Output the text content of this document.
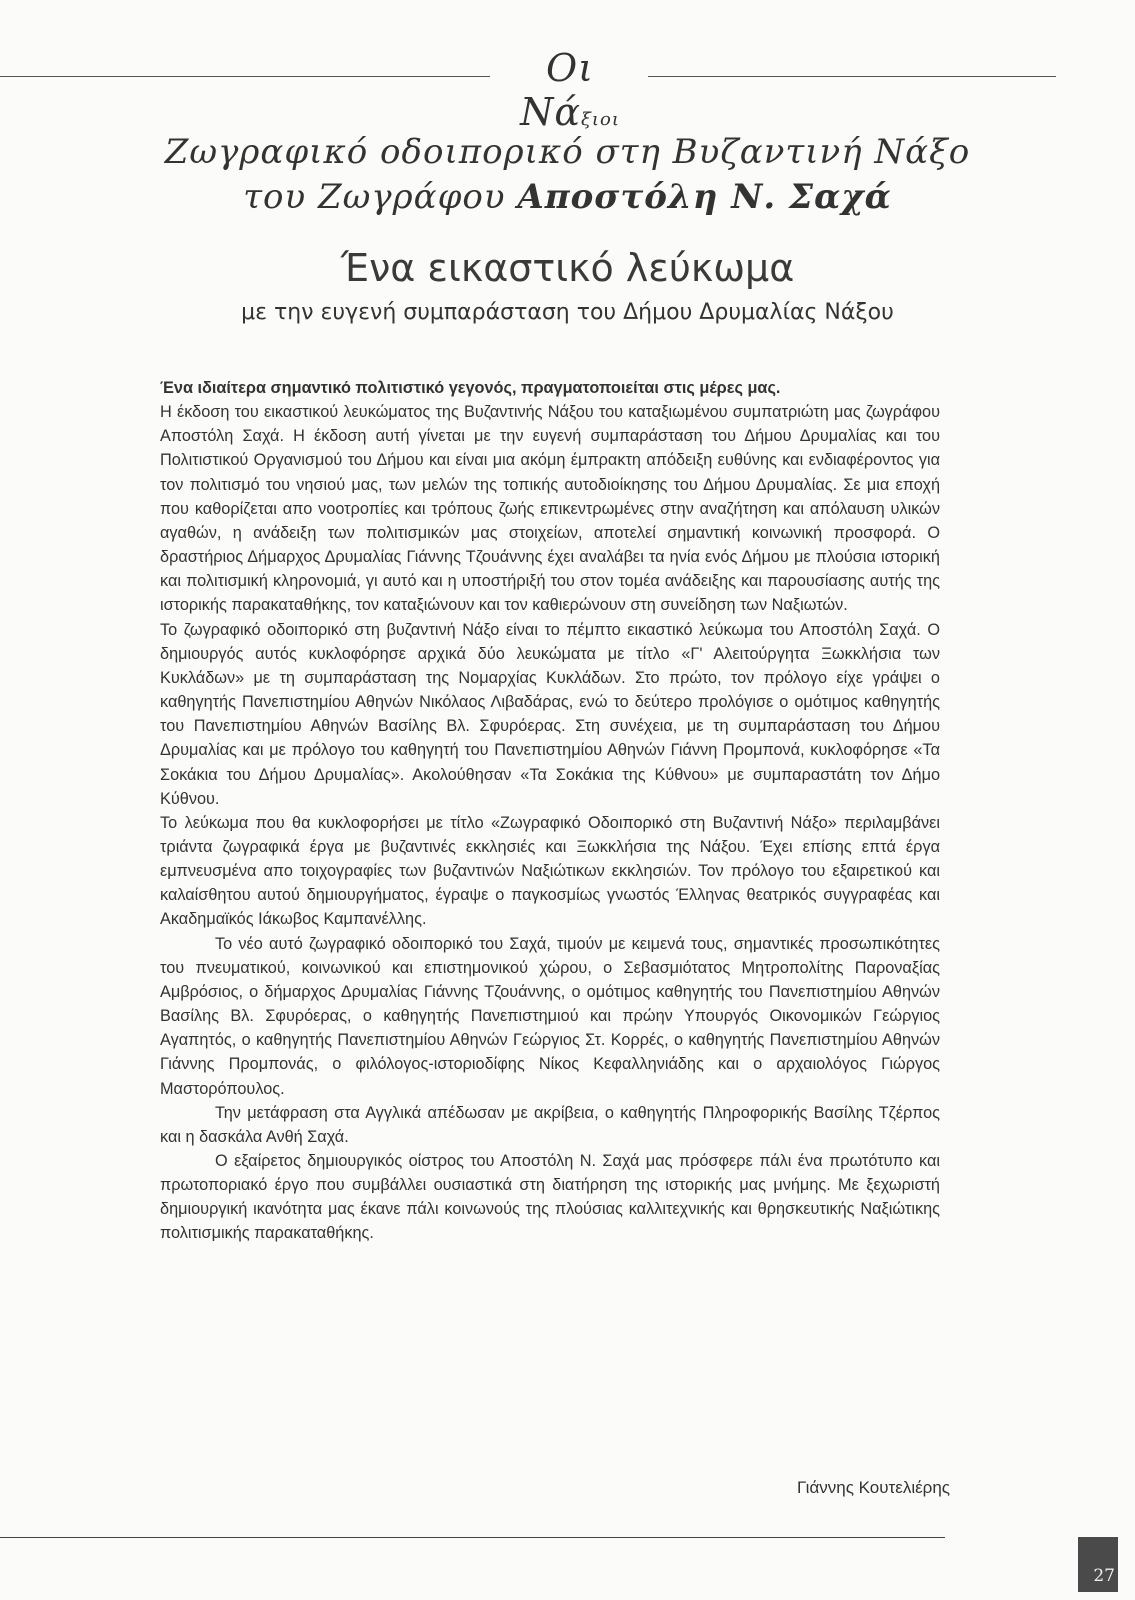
Οι Νάξιοι
Ζωγραφικό οδοιπορικό στη Βυζαντινή Νάξο
του Ζωγράφου Αποστόλη Ν. Σαχά
Ένα εικαστικό λεύκωμα
με την ευγενή συμπαράσταση του Δήμου Δρυμαλίας Νάξου

Ένα ιδιαίτερα σημαντικό πολιτιστικό γεγονός, πραγματοποιείται στις μέρες μας.

Η έκδοση του εικαστικού λευκώματος της Βυζαντινής Νάξου του καταξιωμένου συμπατριώτη μας ζωγράφου Αποστόλη Σαχά. Η έκδοση αυτή γίνεται με την ευγενή συμπαράσταση του Δήμου Δρυμαλίας και του Πολιτιστικού Οργανισμού του Δήμου και είναι μια ακόμη έμπρακτη απόδειξη ευθύνης και ενδιαφέροντος για τον πολιτισμό του νησιού μας, των μελών της τοπικής αυτοδιοίκησης του Δήμου Δρυμαλίας. Σε μια εποχή που καθορίζεται απο νοοτροπίες και τρόπους ζωής επικεντρωμένες στην αναζήτηση και απόλαυση υλικών αγαθών, η ανάδειξη των πολιτισμικών μας στοιχείων, αποτελεί σημαντική κοινωνική προσφορά. Ο δραστήριος Δήμαρχος Δρυμαλίας Γιάννης Τζουάννης έχει αναλάβει τα ηνία ενός Δήμου με πλούσια ιστορική και πολιτισμική κληρονομιά, γι αυτό και η υποστήριξή του στον τομέα ανάδειξης και παρουσίασης αυτής της ιστορικής παρακαταθήκης, τον καταξιώνουν και τον καθιερώνουν στη συνείδηση των Ναξιωτών.

Το ζωγραφικό οδοιπορικό στη βυζαντινή Νάξο είναι το πέμπτο εικαστικό λεύκωμα του Αποστόλη Σαχά. Ο δημιουργός αυτός κυκλοφόρησε αρχικά δύο λευκώματα με τίτλο «Γ' Αλειτούργητα Ξωκκλήσια των Κυκλάδων» με τη συμπαράσταση της Νομαρχίας Κυκλάδων. Στο πρώτο, τον πρόλογο είχε γράψει ο καθηγητής Πανεπιστημίου Αθηνών Νικόλαος Λιβαδάρας, ενώ το δεύτερο προλόγισε ο ομότιμος καθηγητής του Πανεπιστημίου Αθηνών Βασίλης Βλ. Σφυρόερας. Στη συνέχεια, με τη συμπαράσταση του Δήμου Δρυμαλίας και με πρόλογο του καθηγητή του Πανεπιστημίου Αθηνών Γιάννη Προμπονά, κυκλοφόρησε «Τα Σοκάκια του Δήμου Δρυμαλίας». Ακολούθησαν «Τα Σοκάκια της Κύθνου» με συμπαραστάτη τον Δήμο Κύθνου.

Το λεύκωμα που θα κυκλοφορήσει με τίτλο «Ζωγραφικό Οδοιπορικό στη Βυζαντινή Νάξο» περιλαμβάνει τριάντα ζωγραφικά έργα με βυζαντινές εκκλησιές και Ξωκκλήσια της Νάξου. Έχει επίσης επτά έργα εμπνευσμένα απο τοιχογραφίες των βυζαντινών Ναξιώτικων εκκλησιών. Τον πρόλογο του εξαιρετικού και καλαίσθητου αυτού δημιουργήματος, έγραψε ο παγκοσμίως γνωστός Έλληνας θεατρικός συγγραφέας και Ακαδημαϊκός Ιάκωβος Καμπανέλλης.

Το νέο αυτό ζωγραφικό οδοιπορικό του Σαχά, τιμούν με κειμενά τους, σημαντικές προσωπικότητες του πνευματικού, κοινωνικού και επιστημονικού χώρου, ο Σεβασμιότατος Μητροπολίτης Παροναξίας Αμβρόσιος, ο δήμαρχος Δρυμαλίας Γιάννης Τζουάννης, ο ομότιμος καθηγητής του Πανεπιστημίου Αθηνών Βασίλης Βλ. Σφυρόερας, ο καθηγητής Πανεπιστημιού και πρώην Υπουργός Οικονομικών Γεώργιος Αγαπητός, ο καθηγητής Πανεπιστημίου Αθηνών Γεώργιος Στ. Κορρές, ο καθηγητής Πανεπιστημίου Αθηνών Γιάννης Προμπονάς, ο φιλόλογος-ιστοριοδίφης Νίκος Κεφαλληνιάδης και ο αρχαιολόγος Γιώργος Μαστορόπουλος.

Την μετάφραση στα Αγγλικά απέδωσαν με ακρίβεια, ο καθηγητής Πληροφορικής Βασίλης Τζέρπος και η δασκάλα Ανθή Σαχά.

Ο εξαίρετος δημιουργικός οίστρος του Αποστόλη Ν. Σαχά μας πρόσφερε πάλι ένα πρωτότυπο και πρωτοποριακό έργο που συμβάλλει ουσιαστικά στη διατήρηση της ιστορικής μας μνήμης. Με ξεχωριστή δημιουργική ικανότητα μας έκανε πάλι κοινωνούς της πλούσιας καλλιτεχνικής και θρησκευτικής Ναξιώτικης πολιτισμικής παρακαταθήκης.

Γιάννης Κουτελιέρης
27
